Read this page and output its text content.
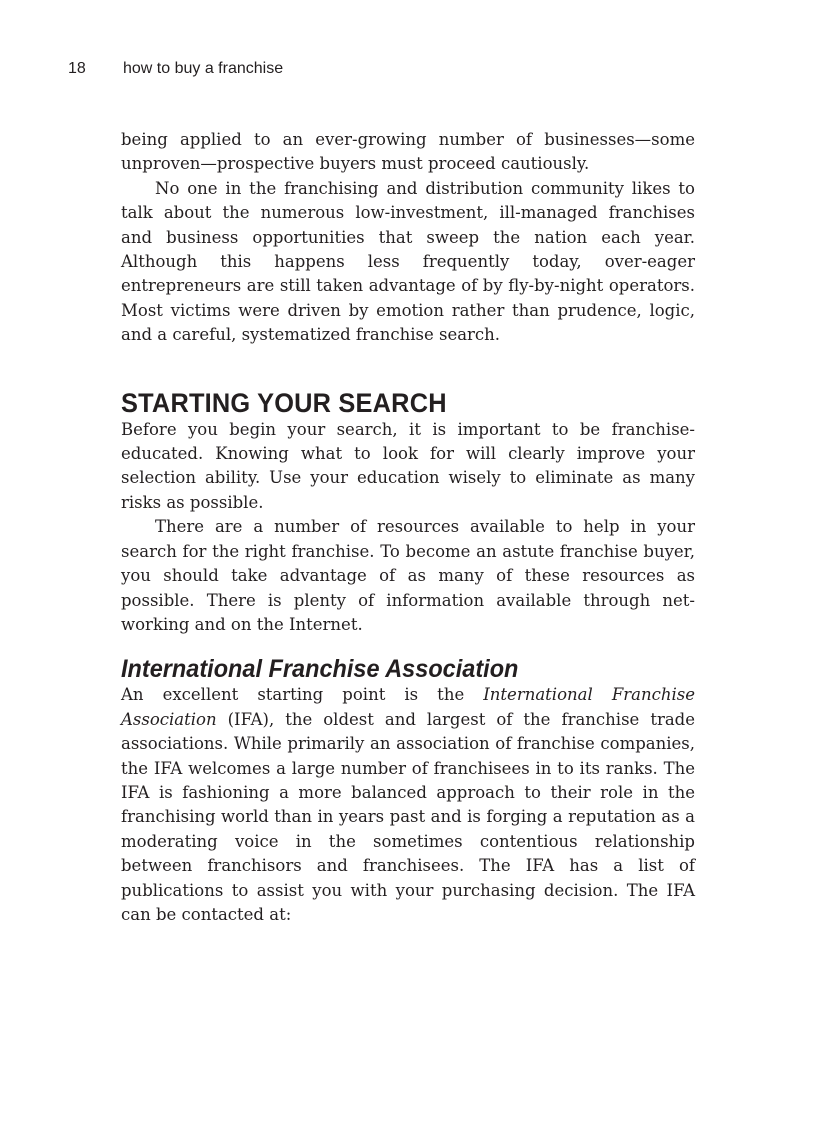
18 how to buy a franchise

being applied to an ever-growing number of businesses—some unproven—prospective buyers must proceed cautiously.

No one in the franchising and distribution community likes to talk about the numerous low-investment, ill-managed franchises and business opportunities that sweep the nation each year. Although this happens less frequently today, over-eager entrepreneurs are still taken advantage of by fly-by-night operators. Most victims were driven by emotion rather than prudence, logic, and a careful, systematized franchise search.

STARTING YOUR SEARCH

Before you begin your search, it is important to be franchise-educated. Knowing what to look for will clearly improve your selection ability. Use your education wisely to eliminate as many risks as possible.

There are a number of resources available to help in your search for the right franchise. To become an astute franchise buyer, you should take advantage of as many of these resources as possible. There is plenty of information available through networking and on the Internet.

International Franchise Association

An excellent starting point is the International Franchise Association (IFA), the oldest and largest of the franchise trade associations. While primarily an association of franchise companies, the IFA welcomes a large number of franchisees in to its ranks. The IFA is fashioning a more balanced approach to their role in the franchising world than in years past and is forging a reputation as a moderating voice in the sometimes contentious relationship between franchisors and franchisees. The IFA has a list of publications to assist you with your purchasing decision. The IFA can be contacted at:
